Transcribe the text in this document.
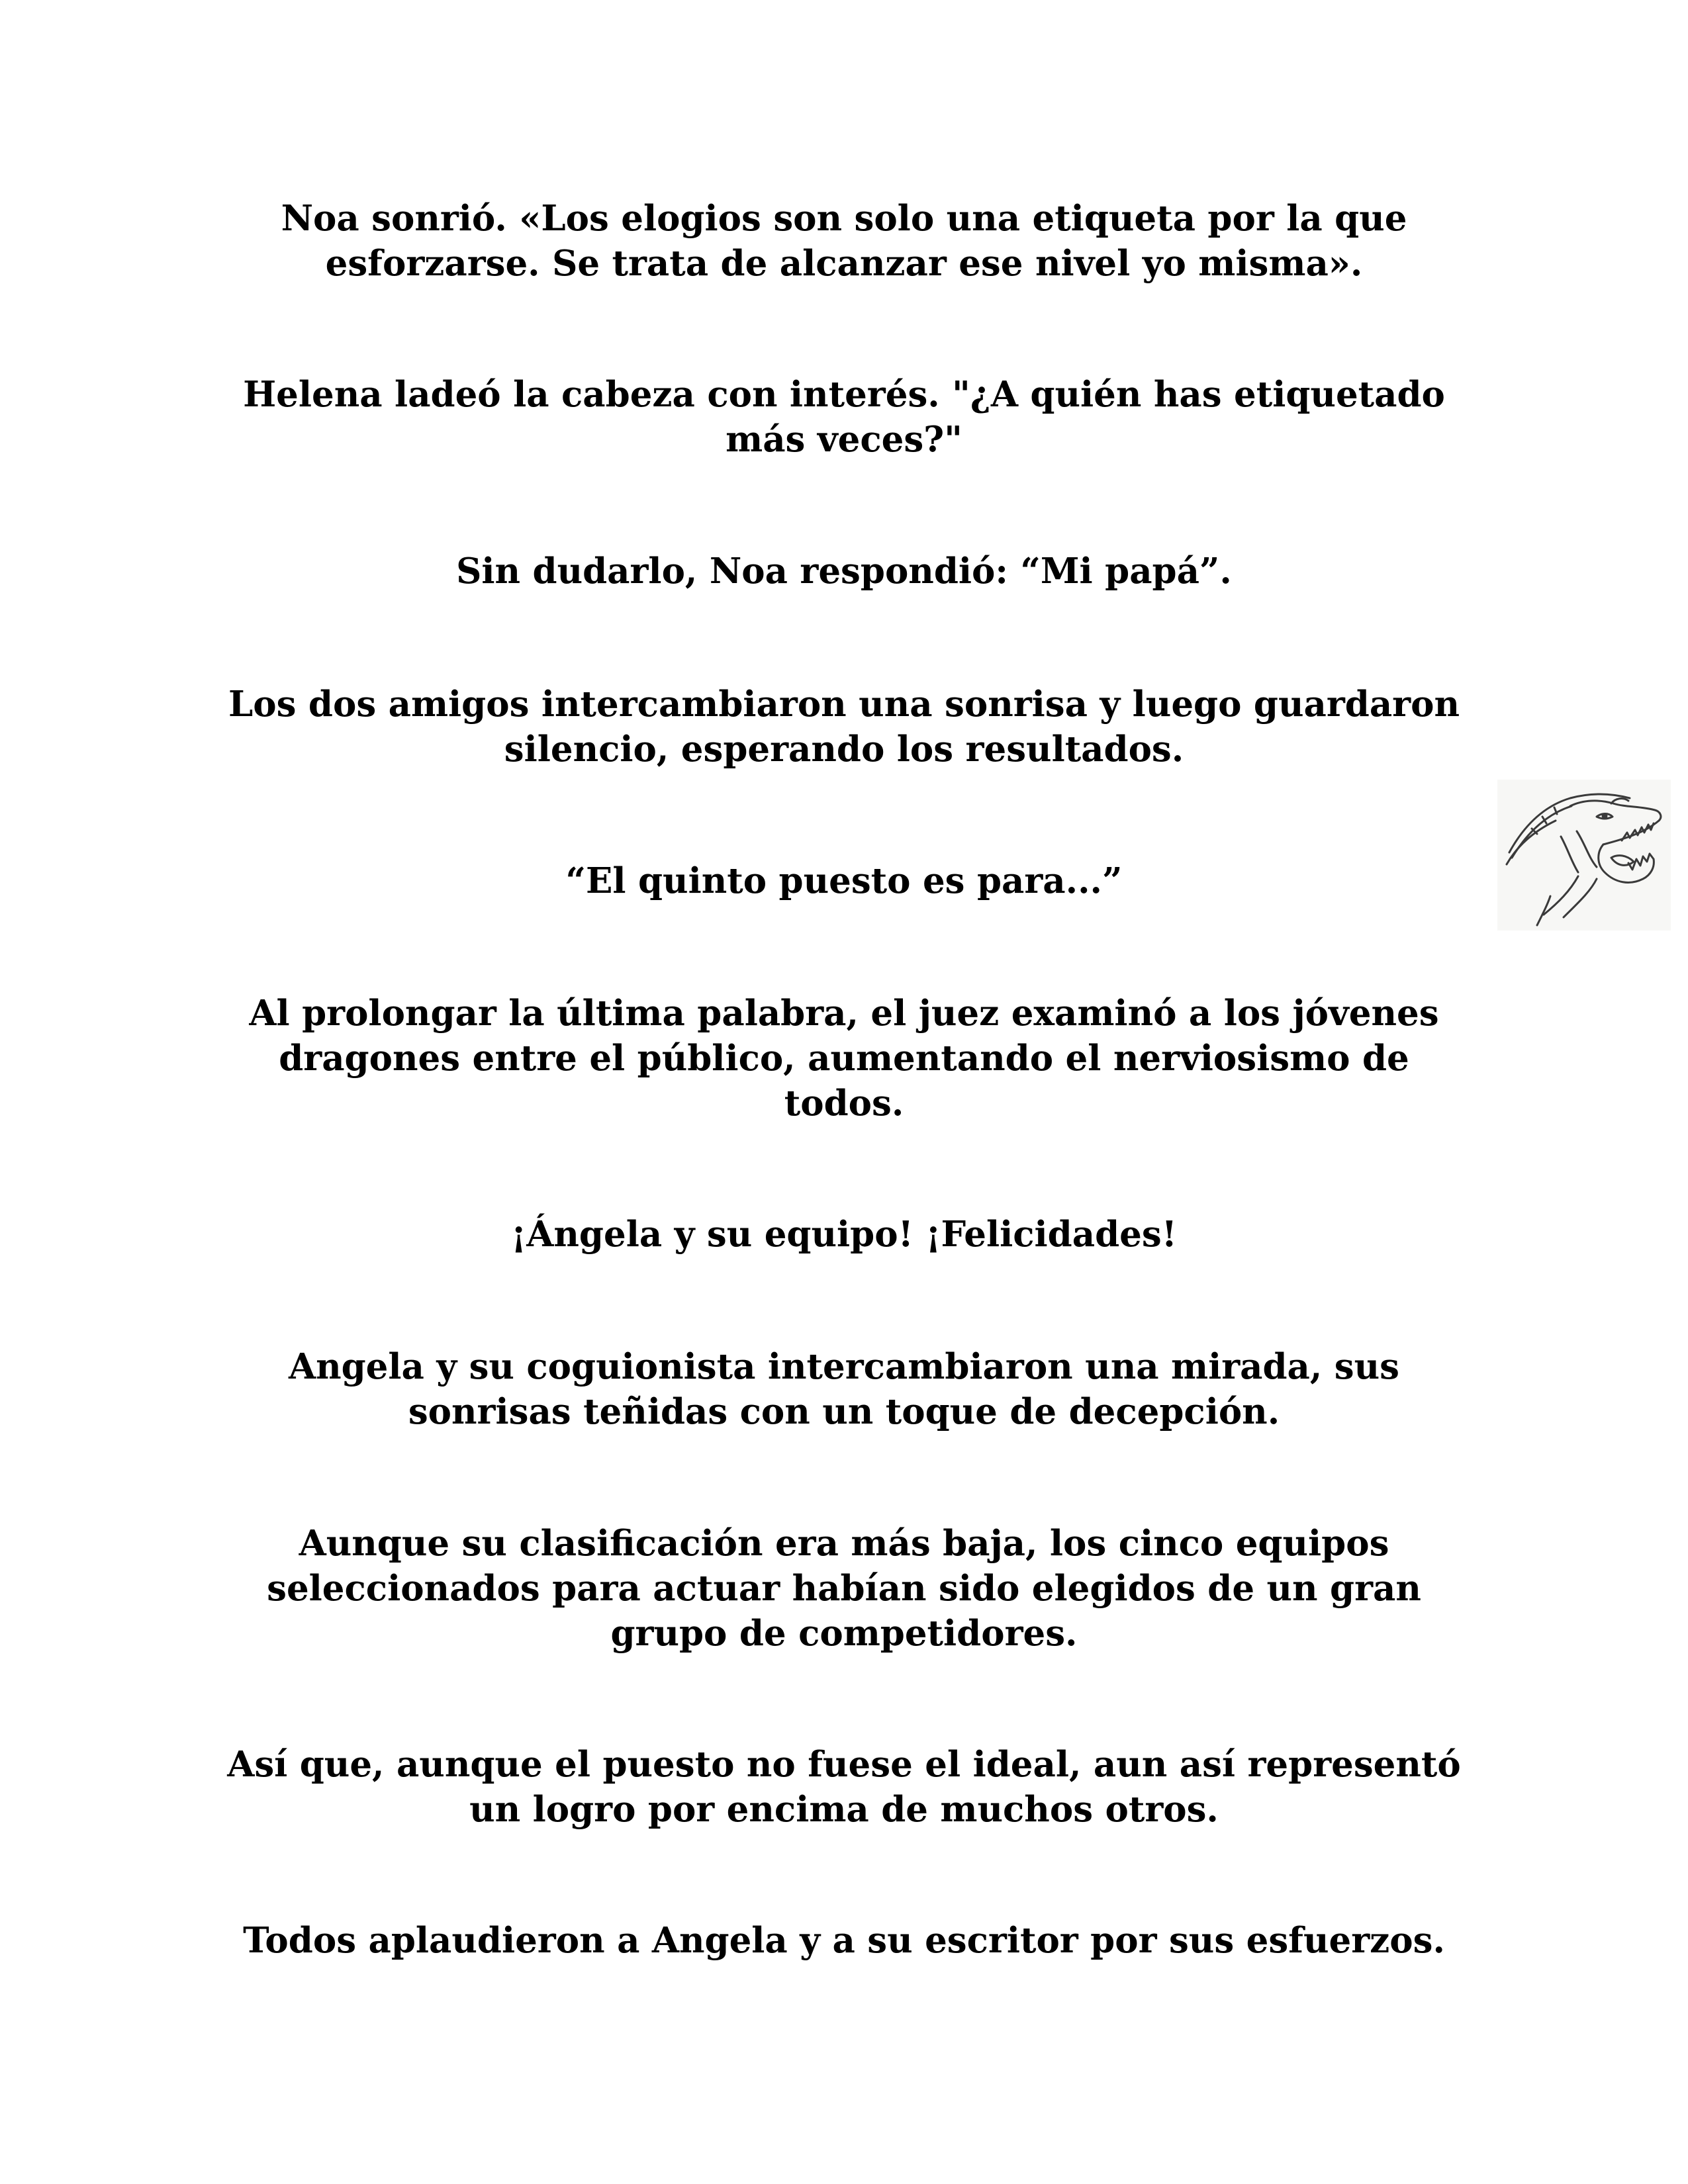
Noa sonrió. «Los elogios son solo una etiqueta por la que
esforzarse. Se trata de alcanzar ese nivel yo misma».

Helena ladeó la cabeza con interés. "¿A quién has etiquetado
más veces?"

Sin dudarlo, Noa respondió: “Mi papá”.

Los dos amigos intercambiaron una sonrisa y luego guardaron
silencio, esperando los resultados.

“El quinto puesto es para...”

Al prolongar la última palabra, el juez examinó a los jóvenes
dragones entre el público, aumentando el nerviosismo de
todos.

¡Ángela y su equipo! ¡Felicidades!

Angela y su coguionista intercambiaron una mirada, sus
sonrisas teñidas con un toque de decepción.

Aunque su clasificación era más baja, los cinco equipos
seleccionados para actuar habían sido elegidos de un gran
grupo de competidores.

Así que, aunque el puesto no fuese el ideal, aun así representó
un logro por encima de muchos otros.

Todos aplaudieron a Angela y a su escritor por sus esfuerzos.
